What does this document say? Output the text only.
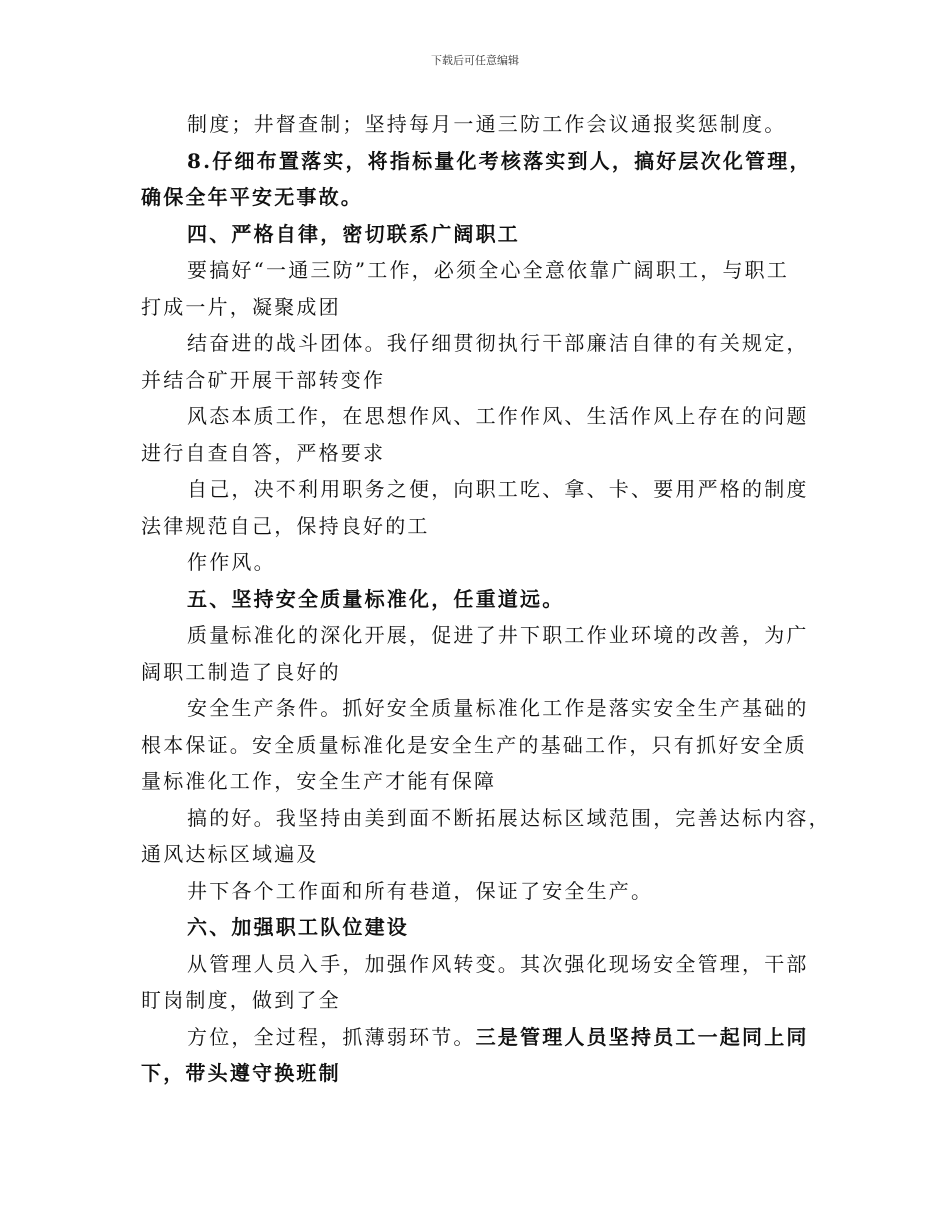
下载后可任意编辑
制度；井督查制；坚持每月一通三防工作会议通报奖惩制度。
8.仔细布置落实，将指标量化考核落实到人，搞好层次化管理，
确保全年平安无事故。
四、严格自律，密切联系广阔职工
要搞好“一通三防”工作，必须全心全意依靠广阔职工，与职工
打成一片，凝聚成团
结奋进的战斗团体。我仔细贯彻执行干部廉洁自律的有关规定，
并结合矿开展干部转变作
风态本质工作，在思想作风、工作作风、生活作风上存在的问题
进行自查自答，严格要求
自己，决不利用职务之便，向职工吃、拿、卡、要用严格的制度
法律规范自己，保持良好的工
作作风。
五、坚持安全质量标准化，任重道远。
质量标准化的深化开展，促进了井下职工作业环境的改善，为广
阔职工制造了良好的
安全生产条件。抓好安全质量标准化工作是落实安全生产基础的
根本保证。安全质量标准化是安全生产的基础工作，只有抓好安全质
量标准化工作，安全生产才能有保障
搞的好。我坚持由美到面不断拓展达标区域范围，完善达标内容，
通风达标区域遍及
井下各个工作面和所有巷道，保证了安全生产。
六、加强职工队位建设
从管理人员入手，加强作风转变。其次强化现场安全管理，干部
盯岗制度，做到了全
方位，全过程，抓薄弱环节。三是管理人员坚持员工一起同上同
下，带头遵守换班制
